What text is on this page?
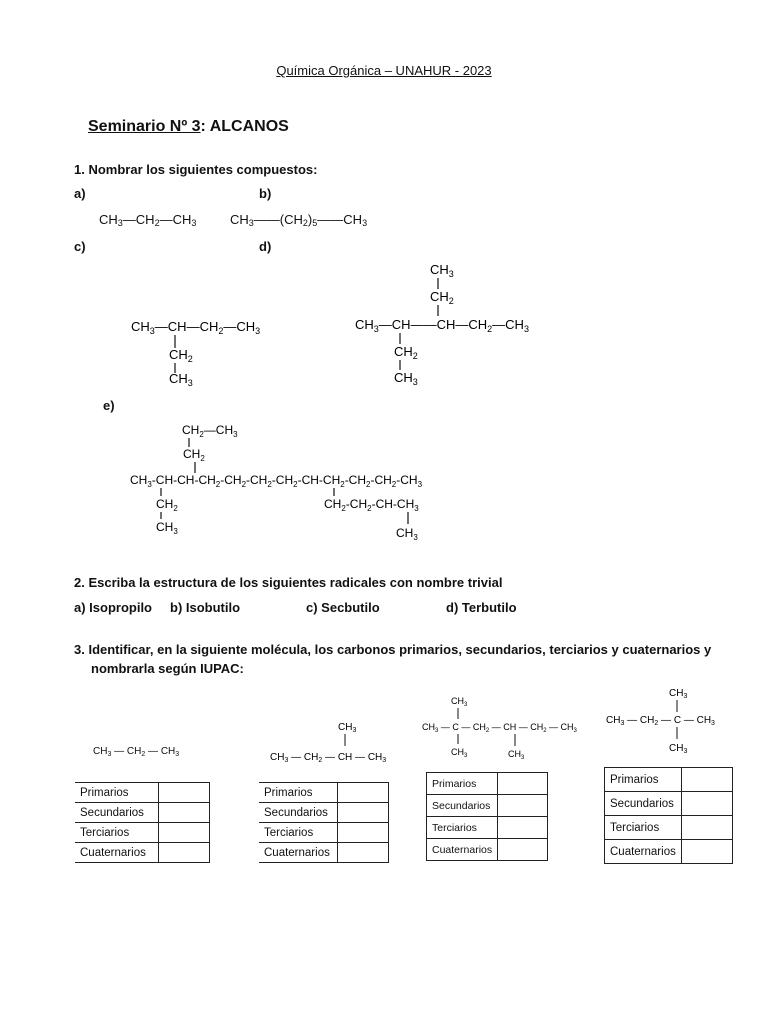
Química Orgánica – UNAHUR - 2023
Seminario Nº 3: ALCANOS
1. Nombrar los siguientes compuestos:
a)	b)
$CH_3—CH_2—CH_3$	$CH_3——(CH_2)_5——CH_3$
c)	d)
$CH_3—CH—CH_2—CH_3$
$CH_2$
$CH_3$
$CH_3$
$CH_2$
$CH_3—CH——CH—CH_2—CH_3$
$CH_2$
$CH_3$
e)
$CH_2—CH_3$
$CH_2$
$CH_3-CH-CH-CH_2-CH_2-CH_2-CH_2-CH-CH_2-CH_2-CH_2-CH_3$
$CH_2$
$CH_3$
$CH_2-CH_2-CH-CH_3$
$CH_3$
2. Escriba la estructura de los siguientes radicales con nombre trivial
a) Isopropilo b) Isobutilo	c) Secbutilo	d) Terbutilo
3. Identificar, en la siguiente molécula, los carbonos primarios, secundarios, terciarios y cuaternarios y
nombrarla según IUPAC:
$CH_3$ — $CH_2$ — $CH_3$
$CH_3$
$CH_3$ — $CH_2$ — CH — $CH_3$
$CH_3$
$CH_3$ — C — $CH_2$ — CH — $CH_2$ — $CH_3$
$CH_3$	$CH_3$
$CH_3$
$CH_3$ — $CH_2$ — C — $CH_3$
$CH_3$
Primarios	
Secundarios	
Terciarios	
Cuaternarios	
Primarios	
Secundarios	
Terciarios	
Cuaternarios	
Primarios	
Secundarios	
Terciarios	
Cuaternarios	
Primarios	
Secundarios	
Terciarios	
Cuaternarios	
